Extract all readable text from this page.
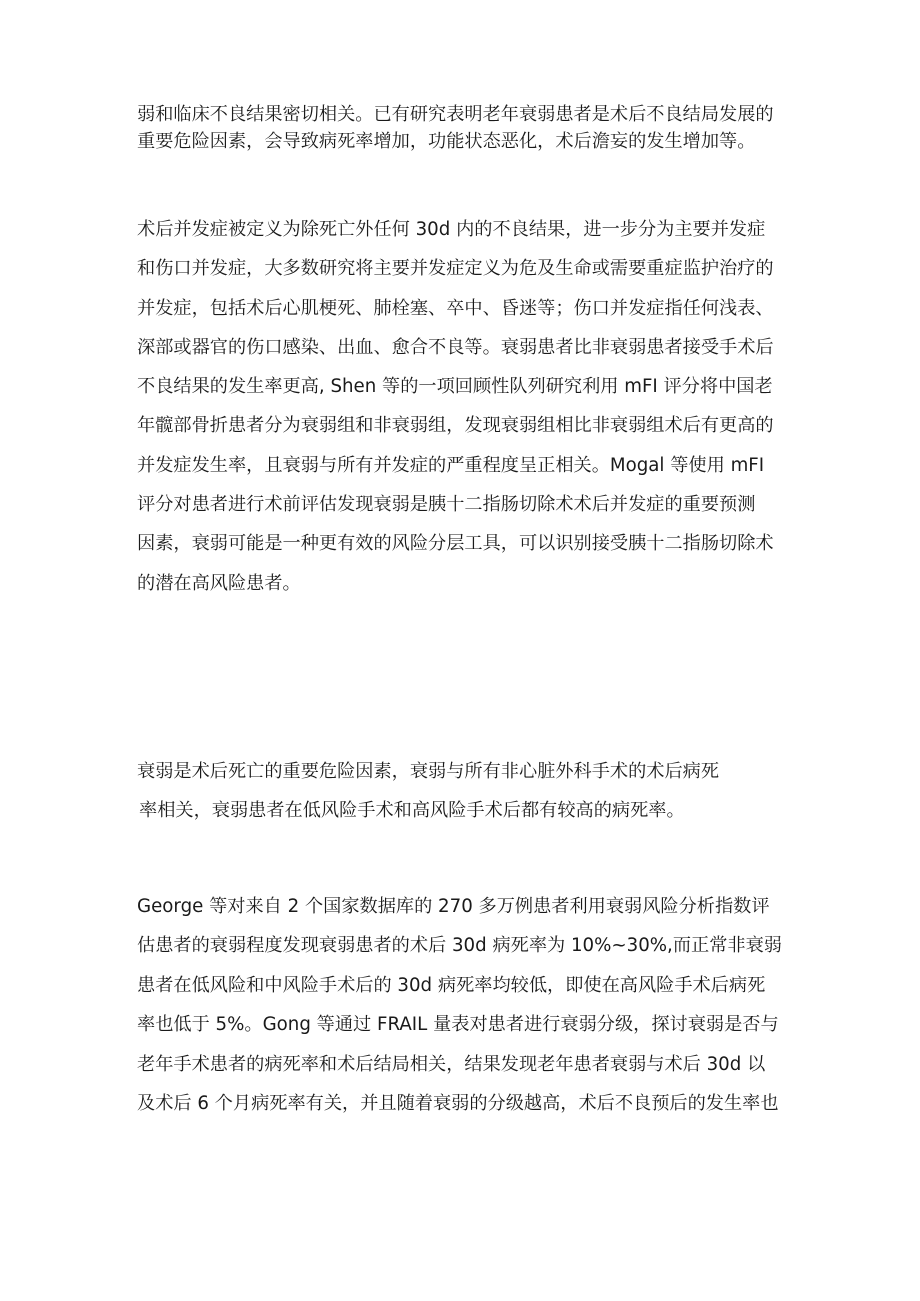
弱和临床不良结果密切相关。已有研究表明老年衰弱患者是术后不良结局发展的
重要危险因素，会导致病死率增加，功能状态恶化，术后澹妄的发生增加等。
术后并发症被定义为除死亡外任何 30d 内的不良结果，进一步分为主要并发症
和伤口并发症，大多数研究将主要并发症定义为危及生命或需要重症监护治疗的
并发症，包括术后心肌梗死、肺栓塞、卒中、昏迷等；伤口并发症指任何浅表、
深部或器官的伤口感染、出血、愈合不良等。衰弱患者比非衰弱患者接受手术后
不良结果的发生率更高, Shen 等的一项回顾性队列研究利用 mFI 评分将中国老
年髋部骨折患者分为衰弱组和非衰弱组，发现衰弱组相比非衰弱组术后有更高的
并发症发生率，且衰弱与所有并发症的严重程度呈正相关。Mogal 等使用 mFI
评分对患者进行术前评估发现衰弱是胰十二指肠切除术术后并发症的重要预测
因素，衰弱可能是一种更有效的风险分层工具，可以识别接受胰十二指肠切除术
的潜在高风险患者。
衰弱是术后死亡的重要危险因素，衰弱与所有非心脏外科手术的术后病死
率相关，衰弱患者在低风险手术和高风险手术后都有较高的病死率。
George 等对来自 2 个国家数据库的 270 多万例患者利用衰弱风险分析指数评
估患者的衰弱程度发现衰弱患者的术后 30d 病死率为 10%~30%,而正常非衰弱
患者在低风险和中风险手术后的 30d 病死率均较低，即使在高风险手术后病死
率也低于 5%。Gong 等通过 FRAIL 量表对患者进行衰弱分级，探讨衰弱是否与
老年手术患者的病死率和术后结局相关，结果发现老年患者衰弱与术后 30d 以
及术后 6 个月病死率有关，并且随着衰弱的分级越高，术后不良预后的发生率也
